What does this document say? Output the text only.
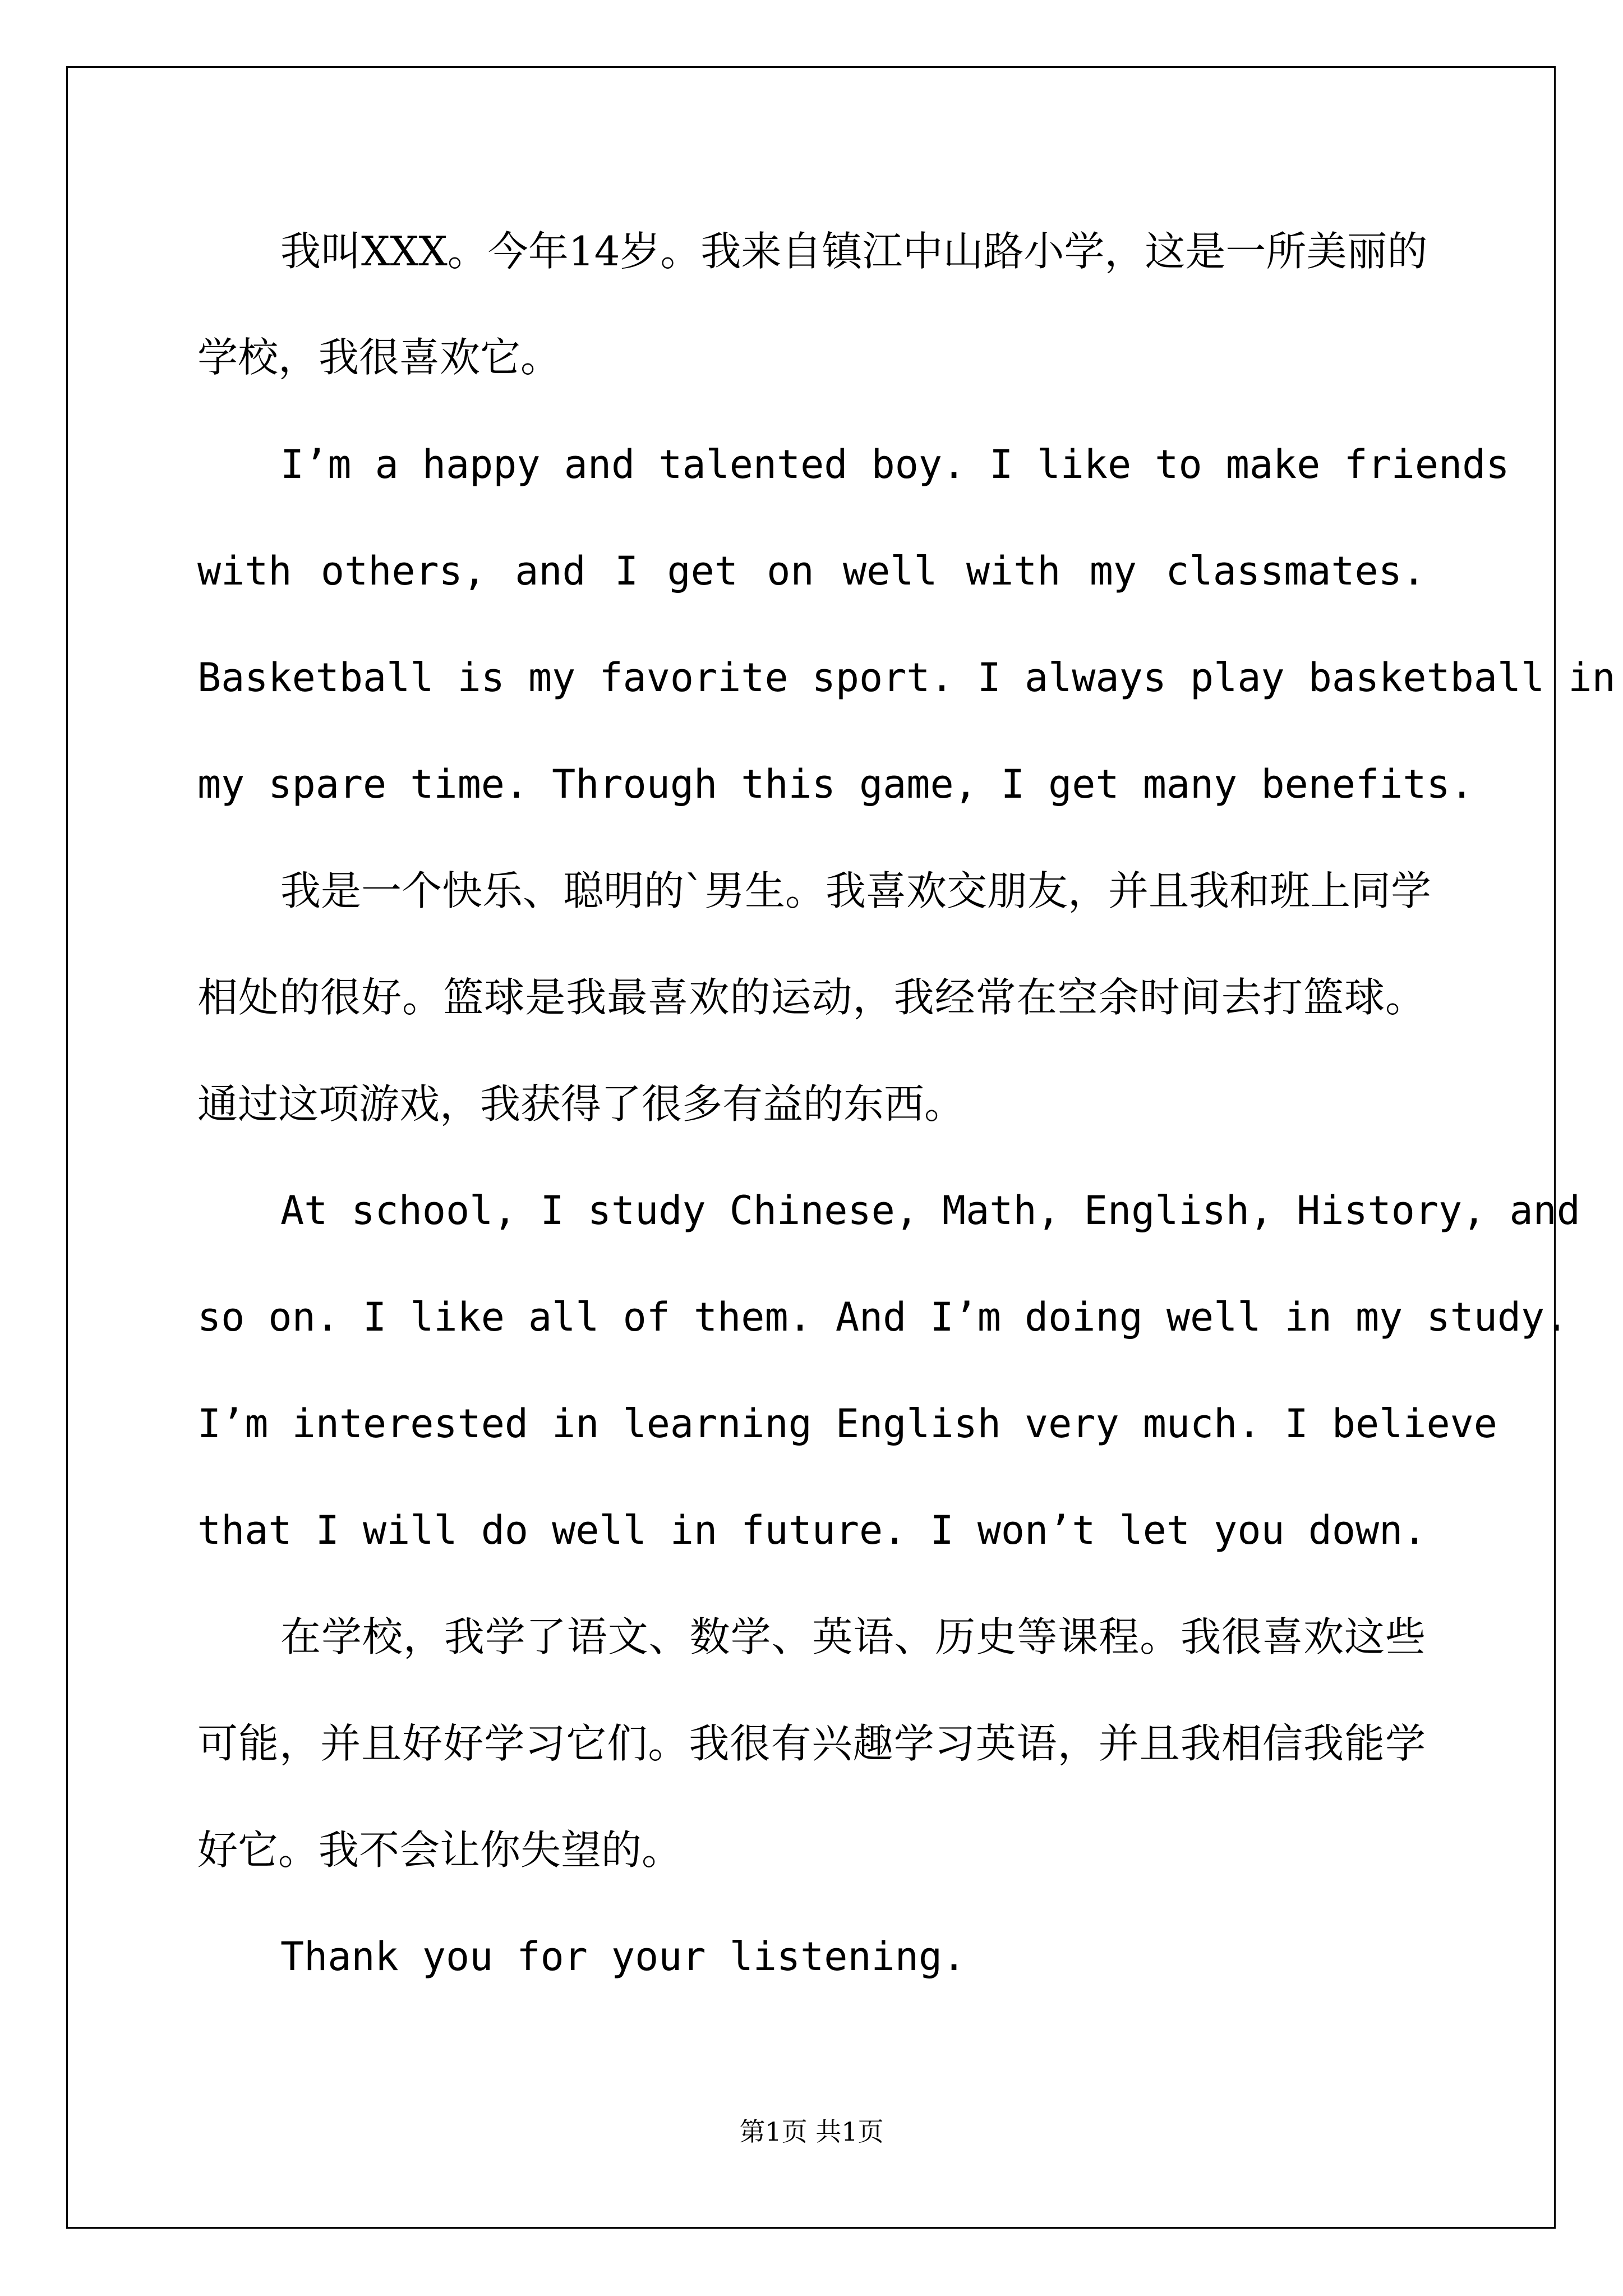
我叫XXX。今年14岁。我来自镇江中山路小学，这是一所美丽的
学校，我很喜欢它。
I’m a happy and talented boy. I like to make friends
with others, and I get on well with my classmates.
Basketball is my favorite sport. I always play basketball in
my spare time. Through this game, I get many benefits.
我是一个快乐、聪明的`男生。我喜欢交朋友，并且我和班上同学
相处的很好。篮球是我最喜欢的运动，我经常在空余时间去打篮球。
通过这项游戏，我获得了很多有益的东西。
At school, I study Chinese, Math, English, History, and
so on. I like all of them. And I’m doing well in my study.
I’m interested in learning English very much. I believe
that I will do well in future. I won’t let you down.
在学校，我学了语文、数学、英语、历史等课程。我很喜欢这些
可能，并且好好学习它们。我很有兴趣学习英语，并且我相信我能学
好它。我不会让你失望的。
Thank you for your listening.
第1页 共1页
